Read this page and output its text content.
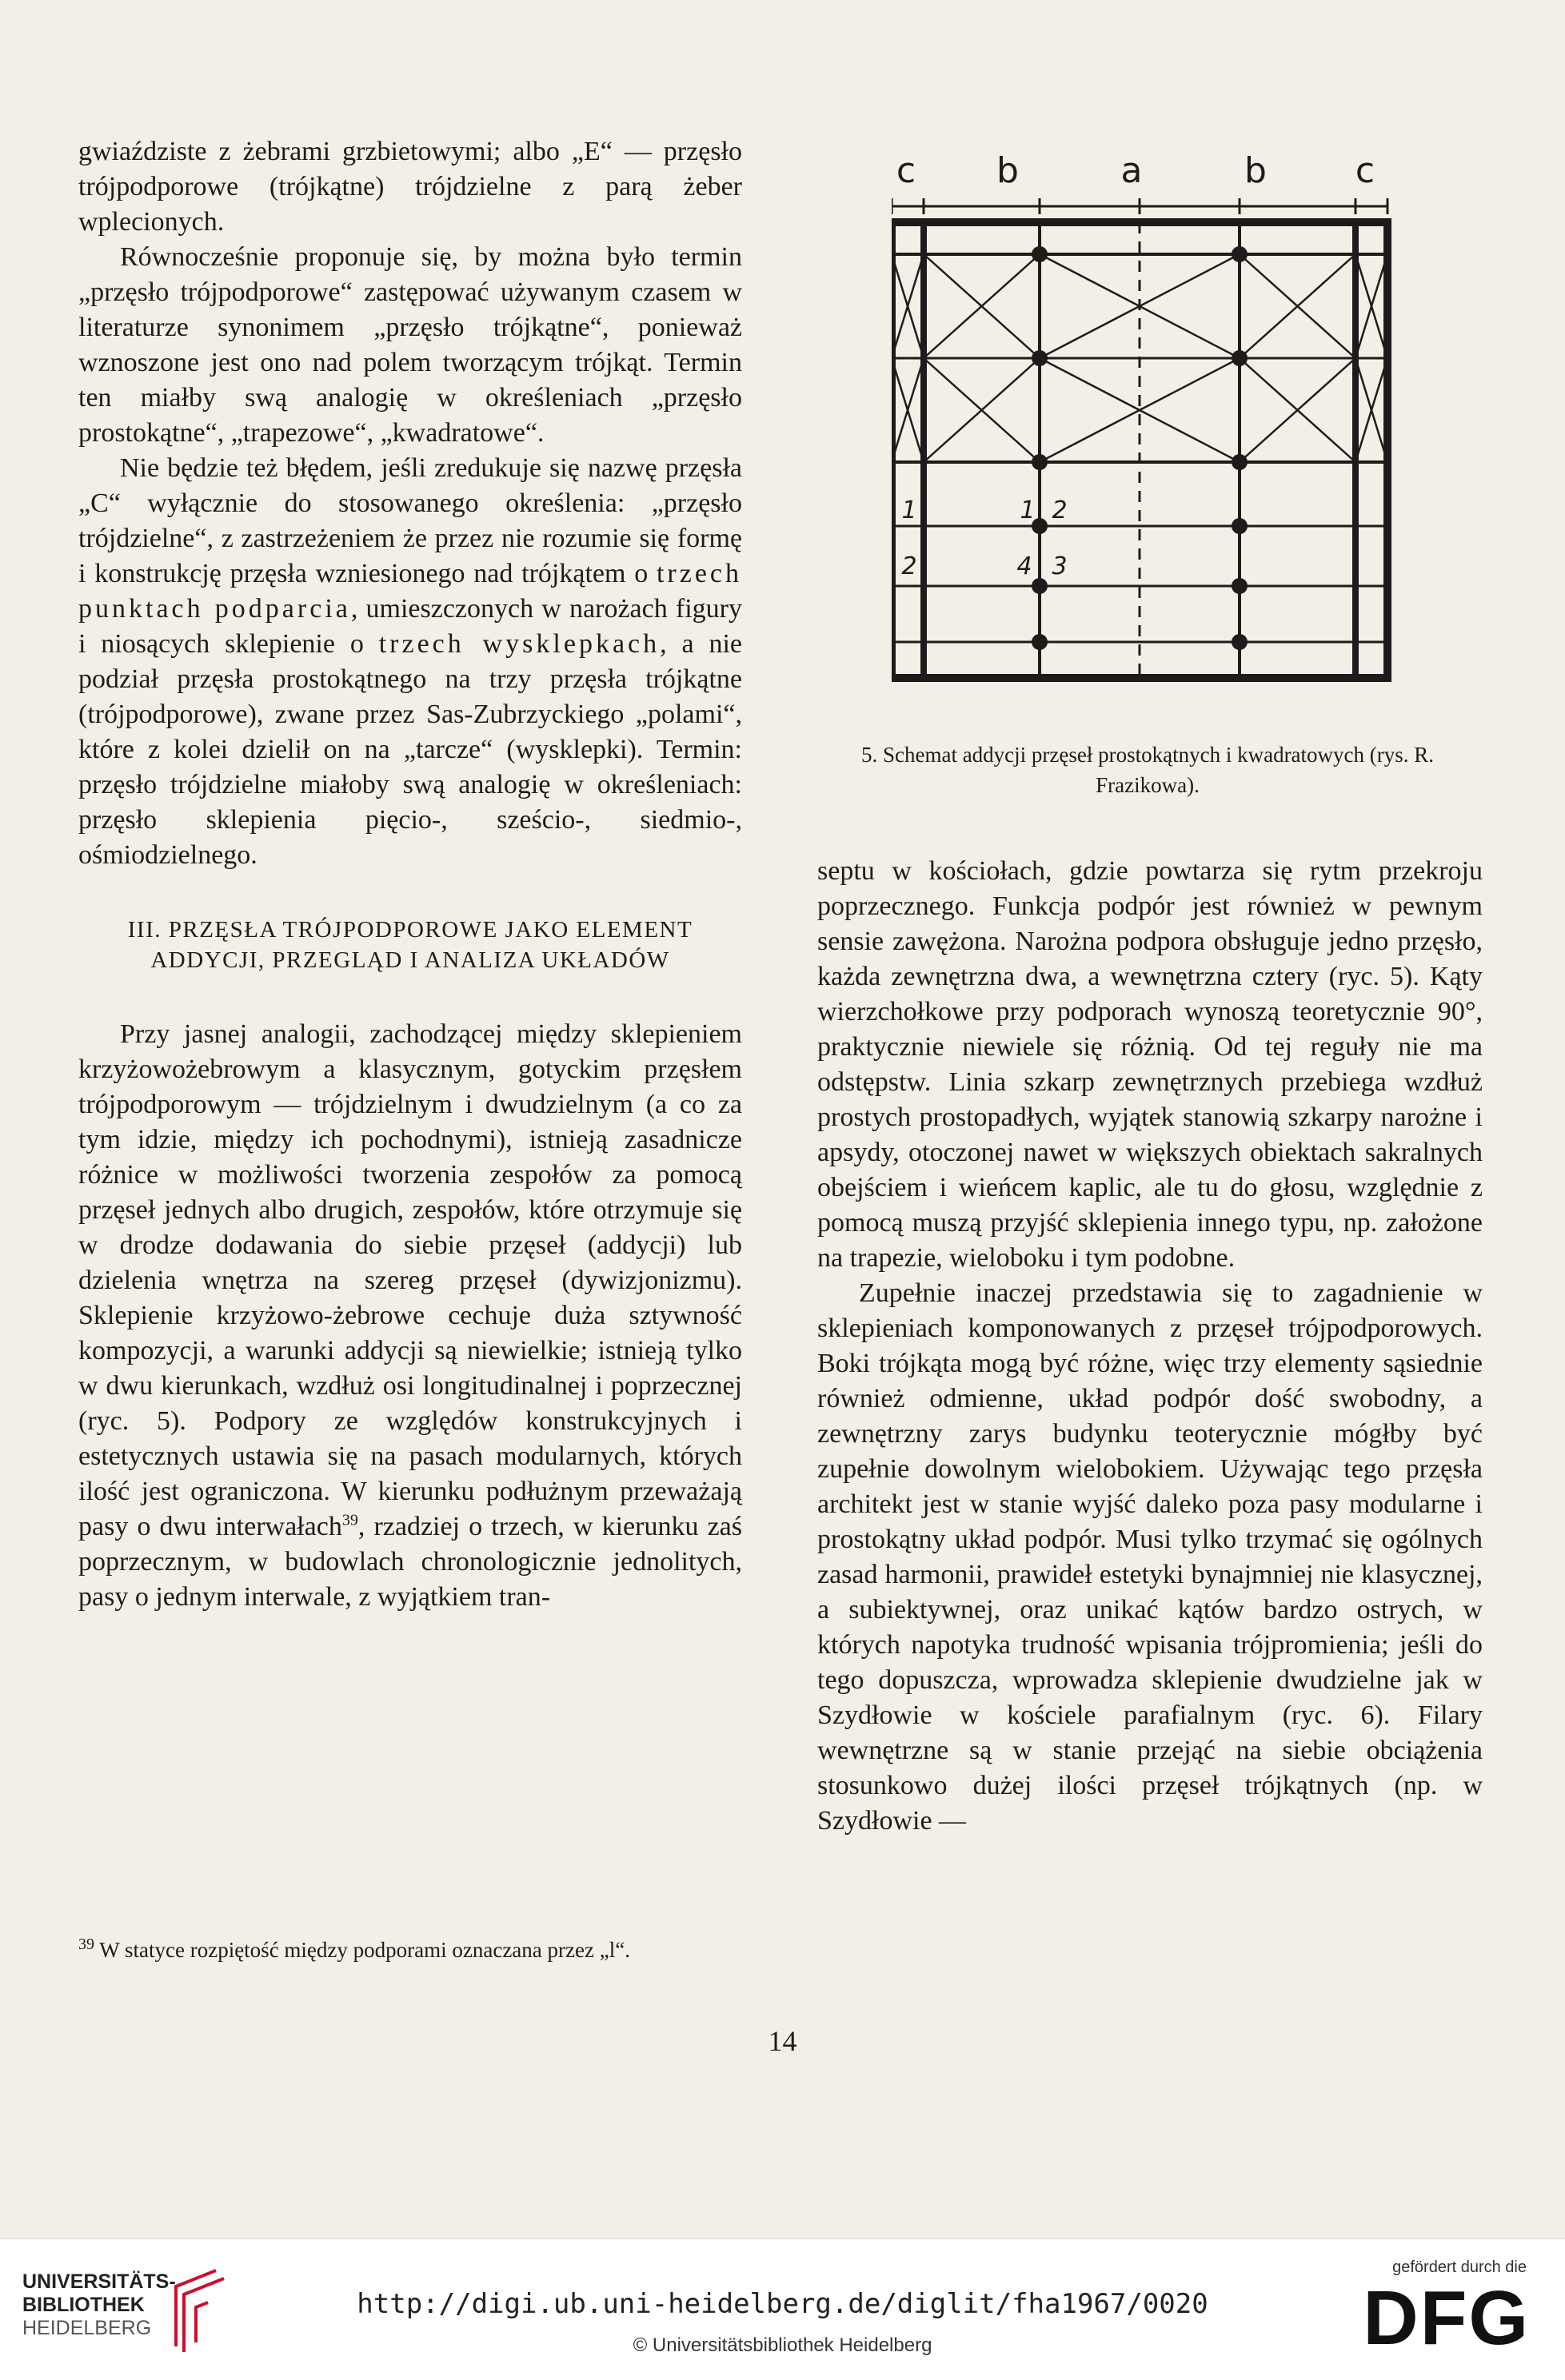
gwiaździste z żebrami grzbietowymi; albo „E“ — przęsło trójpodporowe (trójkątne) trójdzielne z parą żeber wplecionych.

Równocześnie proponuje się, by można było termin „przęsło trójpodporowe“ zastępować używanym czasem w literaturze synonimem „przęsło trójkątne“, ponieważ wznoszone jest ono nad polem tworzącym trójkąt. Termin ten miałby swą analogię w określeniach „przęsło prostokątne“, „trapezowe“, „kwadratowe“.

Nie będzie też błędem, jeśli zredukuje się nazwę przęsła „C“ wyłącznie do stosowanego określenia: „przęsło trójdzielne“, z zastrzeżeniem że przez nie rozumie się formę i konstrukcję przęsła wzniesionego nad trójkątem o trzech punktach podparcia, umieszczonych w narożach figury i niosących sklepienie o trzech wysklepkach, a nie podział przęsła prostokątnego na trzy przęsła trójkątne (trójpodporowe), zwane przez Sas-Zubrzyckiego „polami“, które z kolei dzielił on na „tarcze“ (wysklepki). Termin: przęsło trójdzielne miałoby swą analogię w określeniach: przęsło sklepienia pięcio-, sześcio-, siedmio-, ośmiodzielnego.

III. PRZĘSŁA TRÓJPODPOROWE JAKO ELEMENT
ADDYCJI, PRZEGLĄD I ANALIZA UKŁADÓW

Przy jasnej analogii, zachodzącej między sklepieniem krzyżowożebrowym a klasycznym, gotyckim przęsłem trójpodporowym — trójdzielnym i dwudzielnym (a co za tym idzie, między ich pochodnymi), istnieją zasadnicze różnice w możliwości tworzenia zespołów za pomocą przęseł jednych albo drugich, zespołów, które otrzymuje się w drodze dodawania do siebie przęseł (addycji) lub dzielenia wnętrza na szereg przęseł (dywizjonizmu). Sklepienie krzyżowo-żebrowe cechuje duża sztywność kompozycji, a warunki addycji są niewielkie; istnieją tylko w dwu kierunkach, wzdłuż osi longitudinalnej i poprzecznej (ryc. 5). Podpory ze względów konstrukcyjnych i estetycznych ustawia się na pasach modularnych, których ilość jest ograniczona. W kierunku podłużnym przeważają pasy o dwu interwałach$^{39}$, rzadziej o trzech, w kierunku zaś poprzecznym, w budowlach chronologicznie jednolitych, pasy o jednym interwale, z wyjątkiem tran-

$^{39}$ W statyce rozpiętość między podporami oznaczana przez „l“.
c b	a	b	c
1	1 2
2	4 3
5. Schemat addycji przęseł prostokątnych i kwadratowych (rys. R. Frazikowa).

septu w kościołach, gdzie powtarza się rytm przekroju poprzecznego. Funkcja podpór jest również w pewnym sensie zawężona. Narożna podpora obsługuje jedno przęsło, każda zewnętrzna dwa, a wewnętrzna cztery (ryc. 5). Kąty wierzchołkowe przy podporach wynoszą teoretycznie 90°, praktycznie niewiele się różnią. Od tej reguły nie ma odstępstw. Linia szkarp zewnętrznych przebiega wzdłuż prostych prostopadłych, wyjątek stanowią szkarpy narożne i apsydy, otoczonej nawet w większych obiektach sakralnych obejściem i wieńcem kaplic, ale tu do głosu, względnie z pomocą muszą przyjść sklepienia innego typu, np. założone na trapezie, wieloboku i tym podobne.

Zupełnie inaczej przedstawia się to zagadnienie w sklepieniach komponowanych z przęseł trójpodporowych. Boki trójkąta mogą być różne, więc trzy elementy sąsiednie również odmienne, układ podpór dość swobodny, a zewnętrzny zarys budynku teoterycznie mógłby być zupełnie dowolnym wielobokiem. Używając tego przęsła architekt jest w stanie wyjść daleko poza pasy modularne i prostokątny układ podpór. Musi tylko trzymać się ogólnych zasad harmonii, prawideł estetyki bynajmniej nie klasycznej, a subiektywnej, oraz unikać kątów bardzo ostrych, w których napotyka trudność wpisania trójpromienia; jeśli do tego dopuszcza, wprowadza sklepienie dwudzielne jak w Szydłowie w kościele parafialnym (ryc. 6). Filary wewnętrzne są w stanie przejąć na siebie obciążenia stosunkowo dużej ilości przęseł trójkątnych (np. w Szydłowie —

14
UNIVERSITÄTS-
BIBLIOTHEK
HEIDELBERG
http://digi.ub.uni-heidelberg.de/diglit/fha1967/0020
© Universitätsbibliothek Heidelberg
gefördert durch die
DFG
